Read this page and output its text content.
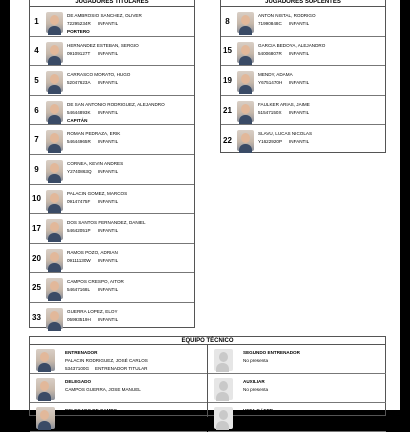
JUGADORES TITULARES
1
DE AMBROSIO SANCHEZ, OLIVER
72295234R INFANTIL
PORTERO
4
HERNANDEZ ESTEBAN, SERGIO
09109127T INFANTIL
5
CARRASCO MORATO, HUGO
52047623A INFANTIL
6
DE SAN ANTONIO RODRIGUEZ, ALEJANDRO
54644893K INFANTIL
CAPITÁN
7
ROMAN PEDRAZA, ERIK
54644965R INFANTIL
9
CORNEA, KEVIN ANDRES
Y2740863Q INFANTIL
10
PALACIN GOMEZ, MARCOS
09147475F INFANTIL
17
DOS SANTOS FERNANDEZ, DANIEL
54642051P INFANTIL
20
RAMOS POZO, ADRIAN
09111130W INFANTIL
25
CAMPOS CRESPO, AITOR
54647168L INFANTIL
33
GUERRA LOPEZ, ELOY
05993519H INFANTIL
JUGADORES SUPLENTES
8
ANTON NISTAL, RODRIGO
71990848C INFANTIL
15
GARCIA BEDOYA, ALEJANDRO
54006807R INFANTIL
19
MENDY, ADAMA
Y6751470H INFANTIL
21
FAULKER ARIAS, JAIME
51547150X INFANTIL
22
SLAVU, LUCAS NICOLAS
Y1622920P INFANTIL
EQUIPO TÉCNICO
ENTRENADOR
PALACIN RODRIGUEZ, JOSÉ CARLOS
53437100G ENTRENADOR TITULAR
DELEGADO
CAMPOS GUERRA, JOSE MANUEL
DELEGADO DE CAMPO
SEGUNDO ENTRENADOR
No presenta
AUXILIAR
No presenta
UEFA C / EPR
